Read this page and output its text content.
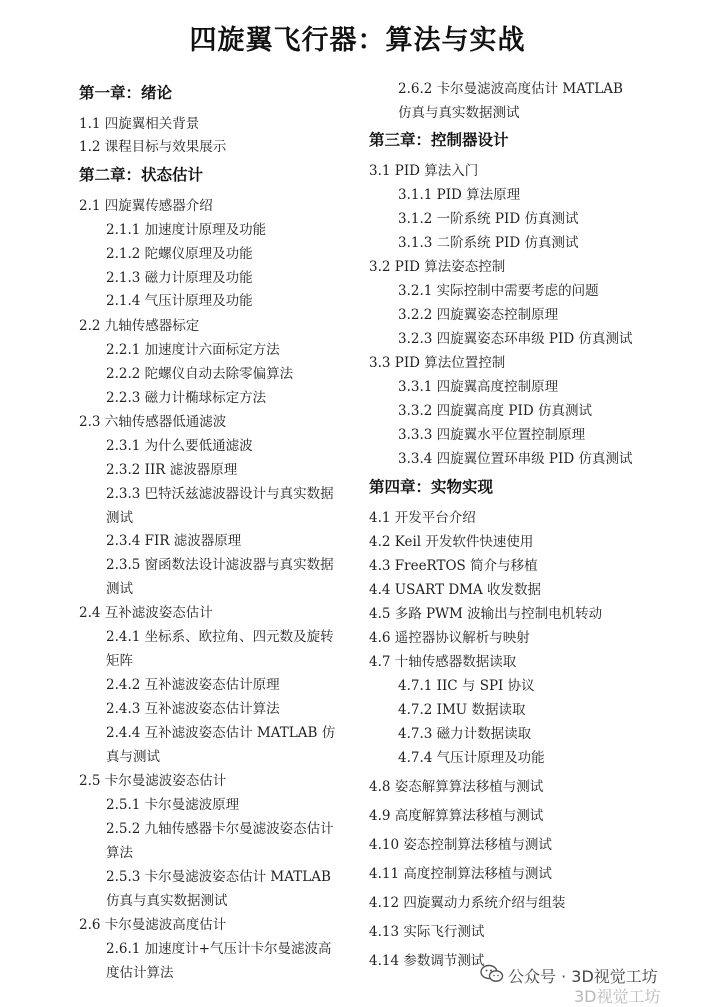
四旋翼飞行器：算法与实战
第一章：绪论
1.1 四旋翼相关背景
1.2 课程目标与效果展示
第二章：状态估计
2.1 四旋翼传感器介绍
2.1.1 加速度计原理及功能
2.1.2 陀螺仪原理及功能
2.1.3 磁力计原理及功能
2.1.4 气压计原理及功能
2.2 九轴传感器标定
2.2.1 加速度计六面标定方法
2.2.2 陀螺仪自动去除零偏算法
2.2.3 磁力计椭球标定方法
2.3 六轴传感器低通滤波
2.3.1 为什么要低通滤波
2.3.2 IIR 滤波器原理
2.3.3 巴特沃兹滤波器设计与真实数据
测试
2.3.4 FIR 滤波器原理
2.3.5 窗函数法设计滤波器与真实数据
测试
2.4 互补滤波姿态估计
2.4.1 坐标系、欧拉角、四元数及旋转
矩阵
2.4.2 互补滤波姿态估计原理
2.4.3 互补滤波姿态估计算法
2.4.4 互补滤波姿态估计 MATLAB 仿
真与测试
2.5 卡尔曼滤波姿态估计
2.5.1 卡尔曼滤波原理
2.5.2 九轴传感器卡尔曼滤波姿态估计
算法
2.5.3 卡尔曼滤波姿态估计 MATLAB
仿真与真实数据测试
2.6 卡尔曼滤波高度估计
2.6.1 加速度计+气压计卡尔曼滤波高
度估计算法
2.6.2 卡尔曼滤波高度估计 MATLAB
仿真与真实数据测试
第三章：控制器设计
3.1 PID 算法入门
3.1.1 PID 算法原理
3.1.2 一阶系统 PID 仿真测试
3.1.3 二阶系统 PID 仿真测试
3.2 PID 算法姿态控制
3.2.1 实际控制中需要考虑的问题
3.2.2 四旋翼姿态控制原理
3.2.3 四旋翼姿态环串级 PID 仿真测试
3.3 PID 算法位置控制
3.3.1 四旋翼高度控制原理
3.3.2 四旋翼高度 PID 仿真测试
3.3.3 四旋翼水平位置控制原理
3.3.4 四旋翼位置环串级 PID 仿真测试
第四章：实物实现
4.1 开发平台介绍
4.2 Keil 开发软件快速使用
4.3 FreeRTOS 简介与移植
4.4 USART DMA 收发数据
4.5 多路 PWM 波输出与控制电机转动
4.6 遥控器协议解析与映射
4.7 十轴传感器数据读取
4.7.1 IIC 与 SPI 协议
4.7.2 IMU 数据读取
4.7.3 磁力计数据读取
4.7.4 气压计原理及功能
4.8 姿态解算算法移植与测试
4.9 高度解算算法移植与测试
4.10 姿态控制算法移植与测试
4.11 高度控制算法移植与测试
4.12 四旋翼动力系统介绍与组装
4.13 实际飞行测试
4.14 参数调节测试
公众号 · 3D视觉工坊
3D视觉工坊
